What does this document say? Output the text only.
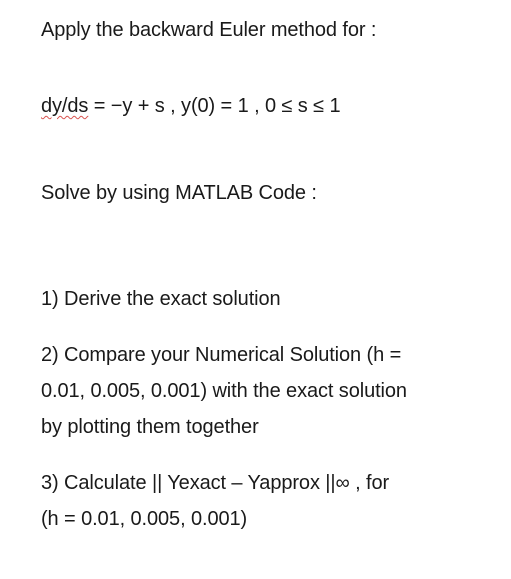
Apply the backward Euler method for :
dy/ds = −y + s , y(0) = 1 , 0 ≤ s ≤ 1
Solve by using MATLAB Code :
1) Derive the exact solution
2) Compare your Numerical Solution (h =
0.01, 0.005, 0.001) with the exact solution
by plotting them together
3) Calculate || Yexact – Yapprox ||∞ , for
(h = 0.01, 0.005, 0.001)
